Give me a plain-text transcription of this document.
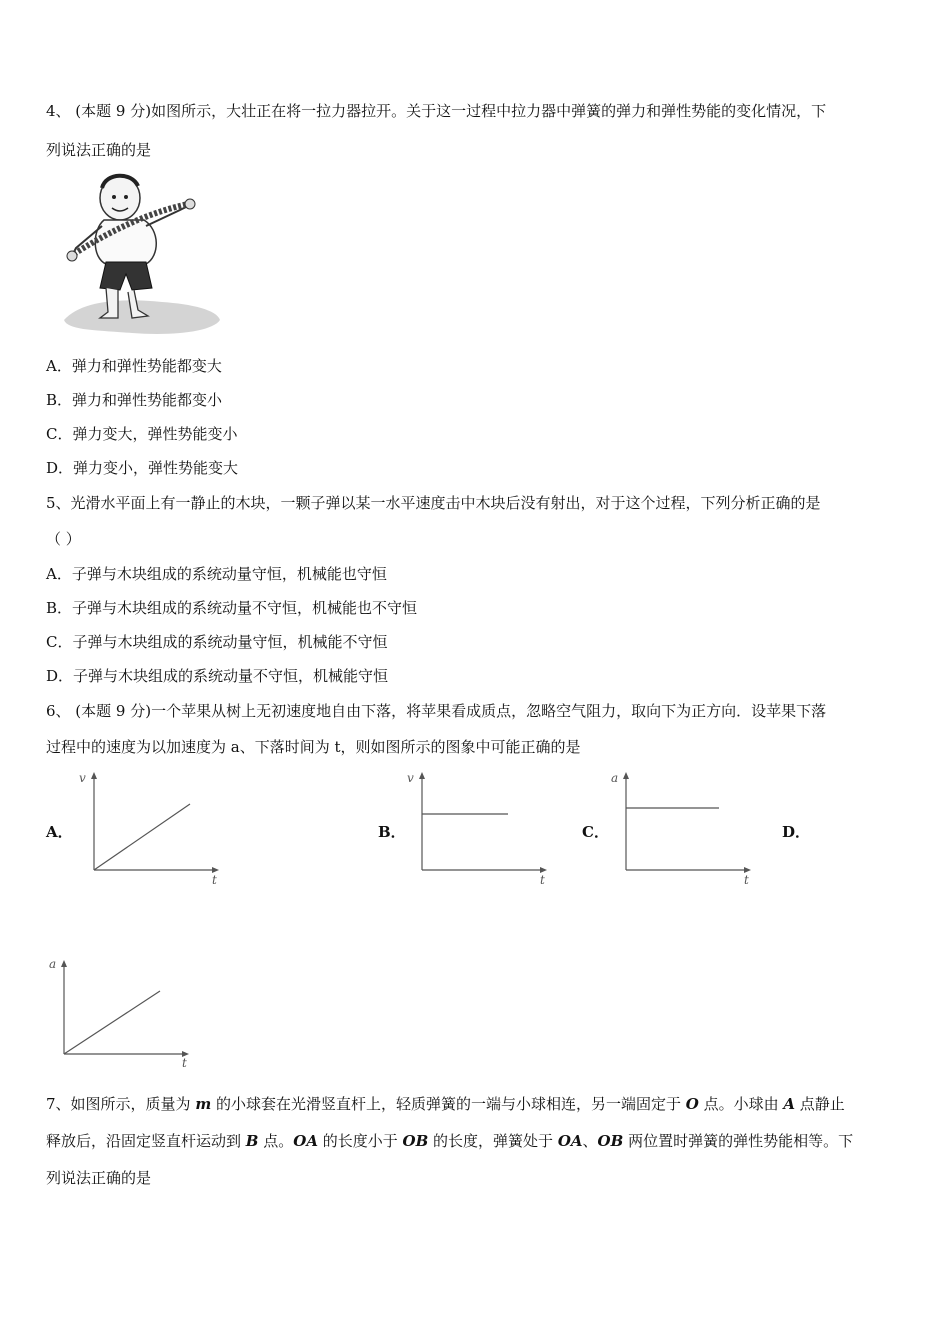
4、 (本题 9 分)如图所示，大壮正在将一拉力器拉开。关于这一过程中拉力器中弹簧的弹力和弹性势能的变化情况，下
列说法正确的是
A．弹力和弹性势能都变大
B．弹力和弹性势能都变小
C．弹力变大，弹性势能变小
D．弹力变小，弹性势能变大
5、光滑水平面上有一静止的木块，一颗子弹以某一水平速度击中木块后没有射出，对于这个过程，下列分析正确的是
（ ）
A．子弹与木块组成的系统动量守恒，机械能也守恒
B．子弹与木块组成的系统动量不守恒，机械能也不守恒
C．子弹与木块组成的系统动量守恒，机械能不守恒
D．子弹与木块组成的系统动量不守恒，机械能守恒
6、 (本题 9 分)一个苹果从树上无初速度地自由下落，将苹果看成质点，忽略空气阻力，取向下为正方向．设苹果下落
过程中的速度为以加速度为 a、下落时间为 t，则如图所示的图象中可能正确的是
A．	B．	C．	D．
v
t
v
t
a
t
a
t
7、如图所示，质量为 m 的小球套在光滑竖直杆上，轻质弹簧的一端与小球相连，另一端固定于 O 点。小球由 A 点静止
释放后，沿固定竖直杆运动到 B 点。OA 的长度小于 OB 的长度，弹簧处于 OA、OB 两位置时弹簧的弹性势能相等。下
列说法正确的是
